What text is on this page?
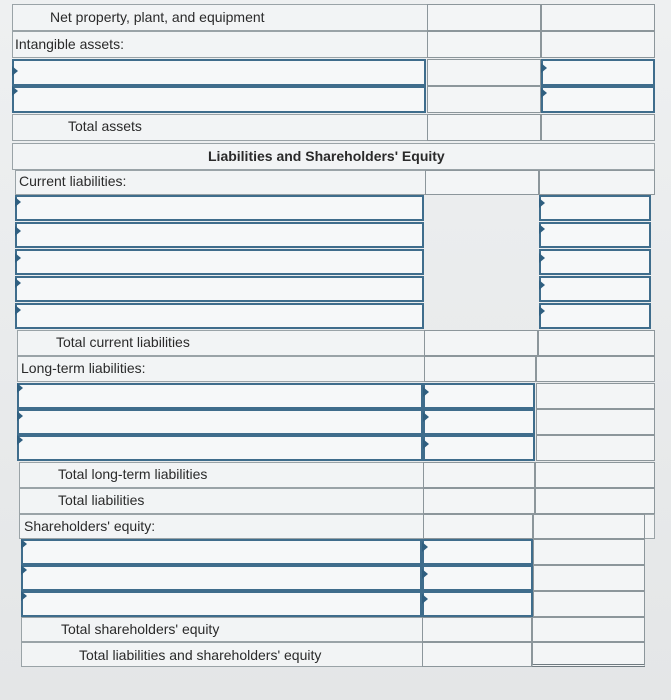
Net property, plant, and equipment
Intangible assets:
Total assets
Liabilities and Shareholders' Equity
Current liabilities:
Total current liabilities
Long-term liabilities:
Total long-term liabilities
Total liabilities
Shareholders' equity:
Total shareholders' equity
Total liabilities and shareholders' equity
